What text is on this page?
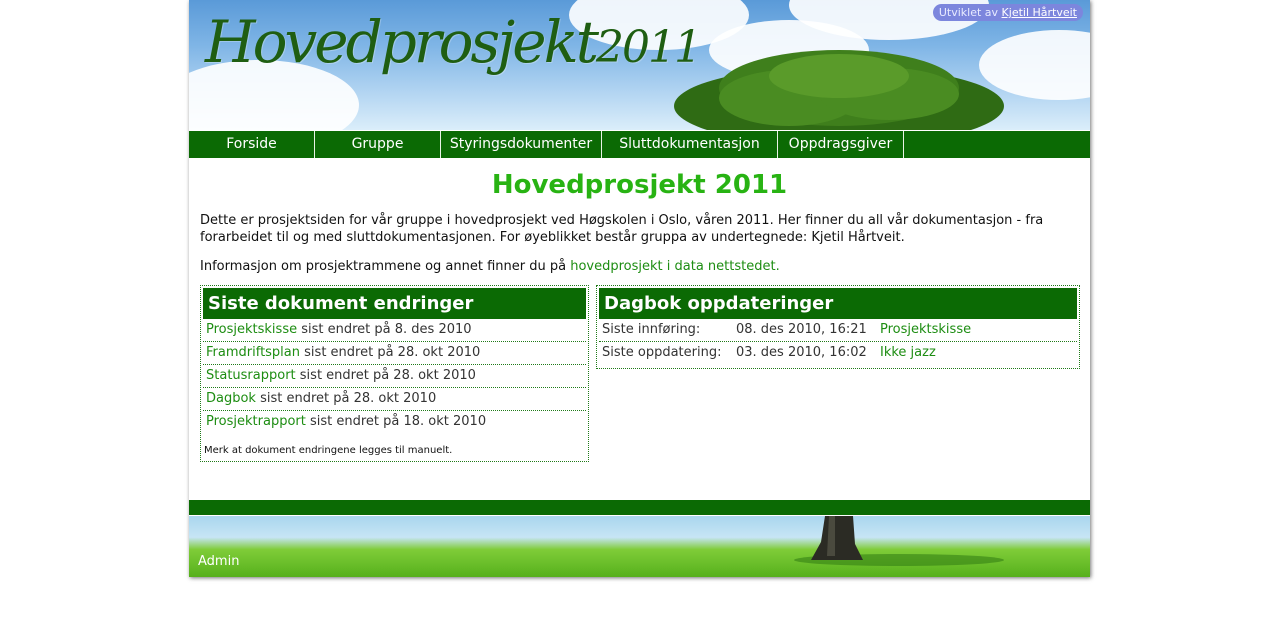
Hovedprosjekt2011
Utviklet av Kjetil Hårtveit
Forside	Gruppe	Styringsdokumenter	Sluttdokumentasjon	Oppdragsgiver
Hovedprosjekt 2011

Dette er prosjektsiden for vår gruppe i hovedprosjekt ved Høgskolen i Oslo, våren 2011. Her finner du all vår dokumentasjon - fra forarbeidet til og med sluttdokumentasjonen. For øyeblikket består gruppa av undertegnede: Kjetil Hårtveit.

Informasjon om prosjektrammene og annet finner du på hovedprosjekt i data nettstedet.

Siste dokument endringer
Prosjektskisse sist endret på 8. des 2010
Framdriftsplan sist endret på 28. okt 2010
Statusrapport sist endret på 28. okt 2010
Dagbok sist endret på 28. okt 2010
Prosjektrapport sist endret på 18. okt 2010
Merk at dokument endringene legges til manuelt.
Dagbok oppdateringer
Siste innføring:	08. des 2010, 16:21 Prosjektskisse
Siste oppdatering: 03. des 2010, 16:02 Ikke jazz
Admin
